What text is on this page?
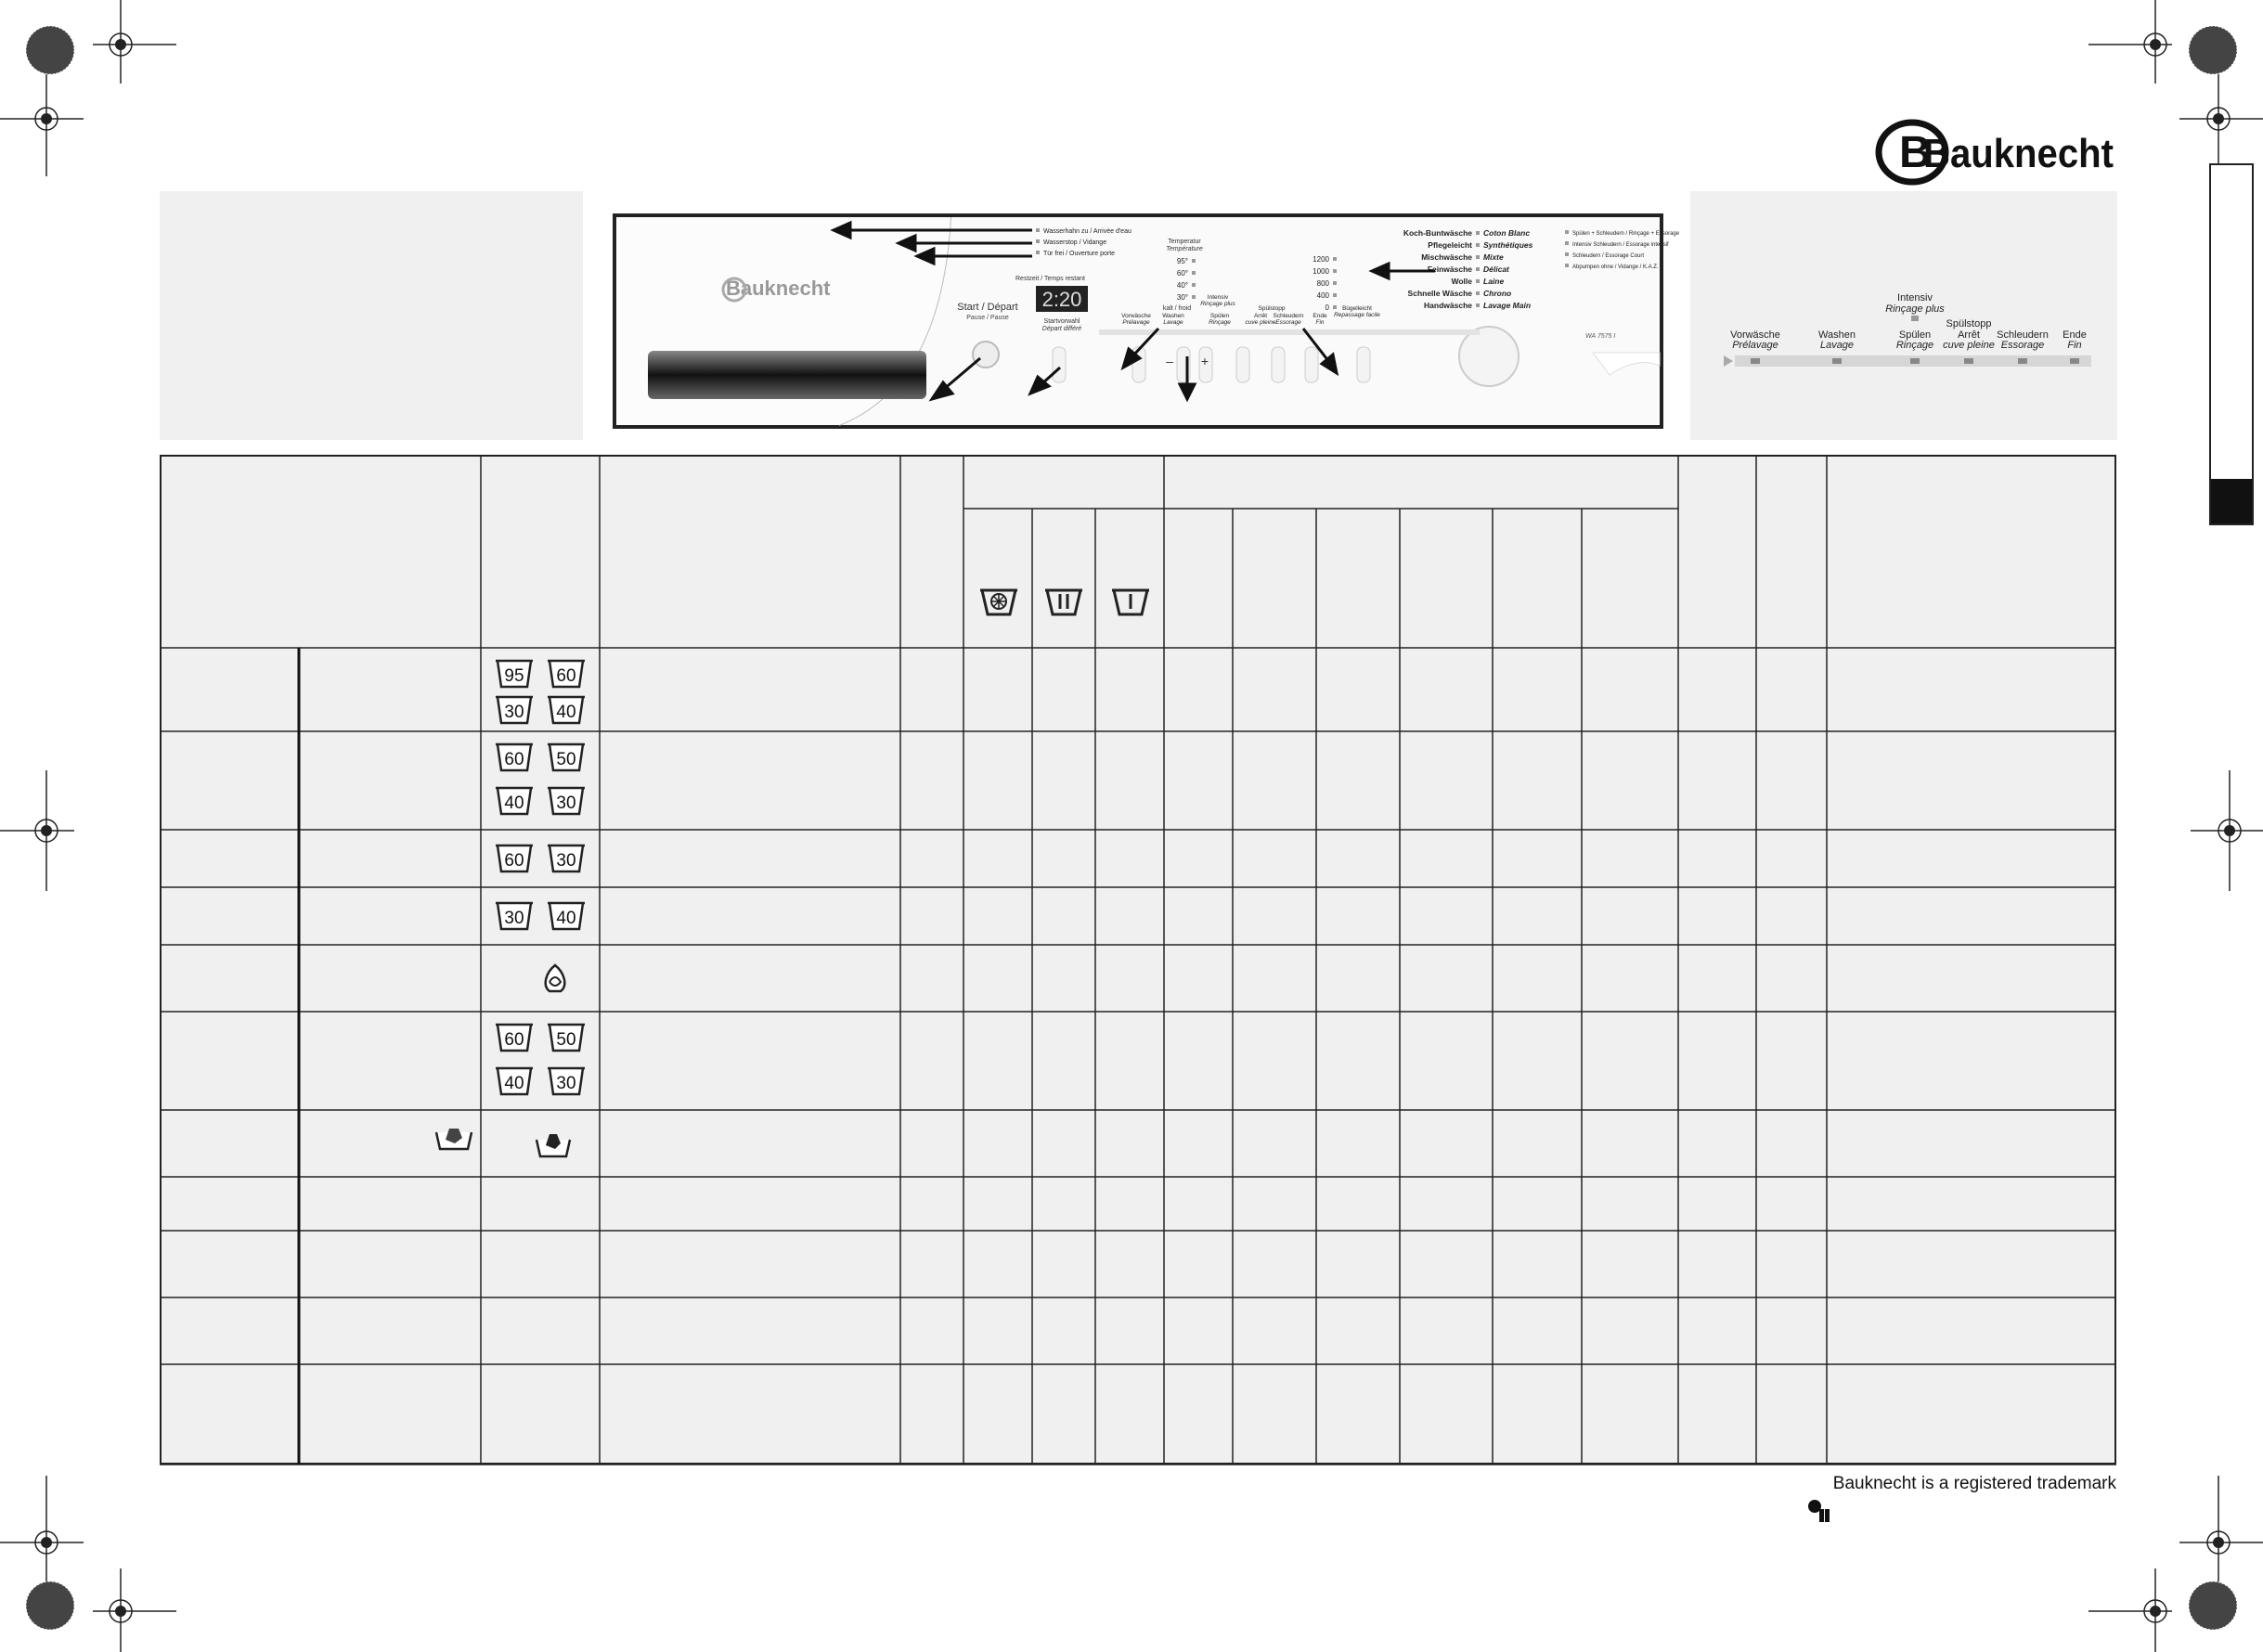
B
Bauknecht
Intensiv
Rinçage plus
Spülstopp
Vorwäsche
Prélavage
Washen
Lavage
Spülen
Rinçage
Arrêt
cuve pleine
Schleudern
Essorage
Ende
Fin
Bauknecht
Start / Départ
Pause / Pause
Wasserhahn zu / Arrivée d'eau
Wasserstop / Vidange
Tür frei / Ouverture porte
Restzeit / Temps restant
2:20
Startvorwahl
Départ différé
Temperatur
Température
95°
60°
40°
30°
kalt / froid
1200
1000
800
400
0
Koch-Buntwäsche Coton Blanc
Pflegeleicht Synthétiques
Mischwäsche Mixte
Feinwäsche Délicat
Wolle Laine
Schnelle Wäsche Chrono
Handwäsche Lavage Main
Spülen + Schleudern / Rinçage + Essorage
Intensiv Schleudern / Essorage intensif
Schleudern / Essorage Court
Abpumpen ohne / Vidange / K.A.Z.
WA 7575 I
Vorwäsche
Prélavage
Washen
Lavage
Intensiv
Rinçage plus
Spülen
Rinçage
Spülstopp
Arrêt
cuve pleine
Schleudern
Essorage
Ende
Fin
Bügelleicht
Repassage facile
– +
95 60
30 40
60 50
40 30
60 30
30 40
60 50
40 30
Bauknecht is a registered trademark
